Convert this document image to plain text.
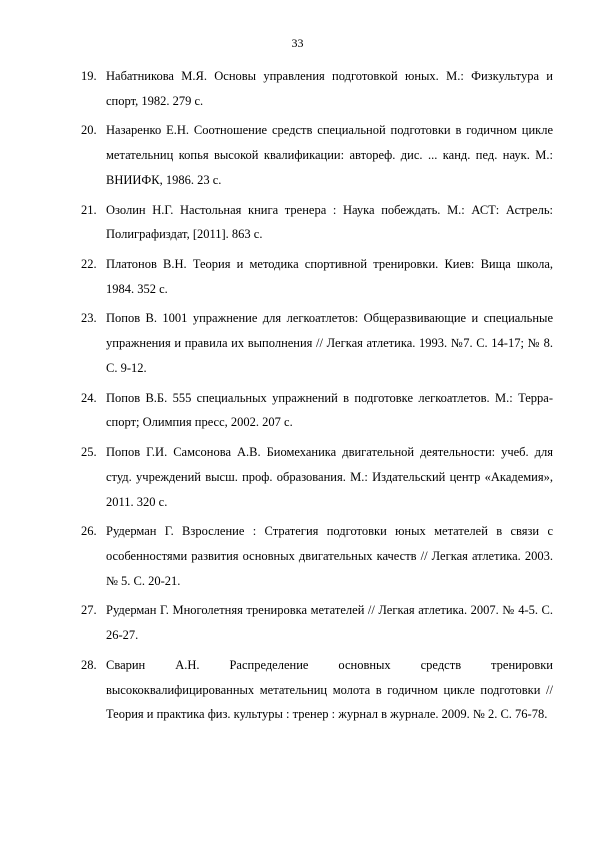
33
19. Набатникова М.Я. Основы управления подготовкой юных. М.: Физкультура и спорт, 1982. 279 с.
20. Назаренко Е.Н. Соотношение средств специальной подготовки в годичном цикле метательниц копья высокой квалификации: автореф. дис. ... канд. пед. наук. М.: ВНИИФК, 1986. 23 с.
21. Озолин Н.Г. Настольная книга тренера : Наука побеждать. М.: АСТ: Астрель: Полиграфиздат, [2011]. 863 с.
22. Платонов В.Н. Теория и методика спортивной тренировки. Киев: Вища школа, 1984. 352 с.
23. Попов В. 1001 упражнение для легкоатлетов: Общеразвивающие и специальные упражнения и правила их выполнения // Легкая атлетика. 1993. №7. С. 14-17; № 8. С. 9-12.
24. Попов В.Б. 555 специальных упражнений в подготовке легкоатлетов. М.: Терра-спорт; Олимпия пресс, 2002. 207 с.
25. Попов Г.И. Самсонова А.В. Биомеханика двигательной деятельности: учеб. для студ. учреждений высш. проф. образования. М.: Издательский центр «Академия», 2011. 320 с.
26. Рудерман Г. Взросление : Стратегия подготовки юных метателей в связи с особенностями развития основных двигательных качеств // Легкая атлетика. 2003. № 5. С. 20-21.
27. Рудерман Г. Многолетняя тренировка метателей // Легкая атлетика. 2007. № 4-5. С. 26-27.
28. Сварин А.Н. Распределение основных средств тренировки высококвалифицированных метательниц молота в годичном цикле подготовки // Теория и практика физ. культуры : тренер : журнал в журнале. 2009. № 2. С. 76-78.
